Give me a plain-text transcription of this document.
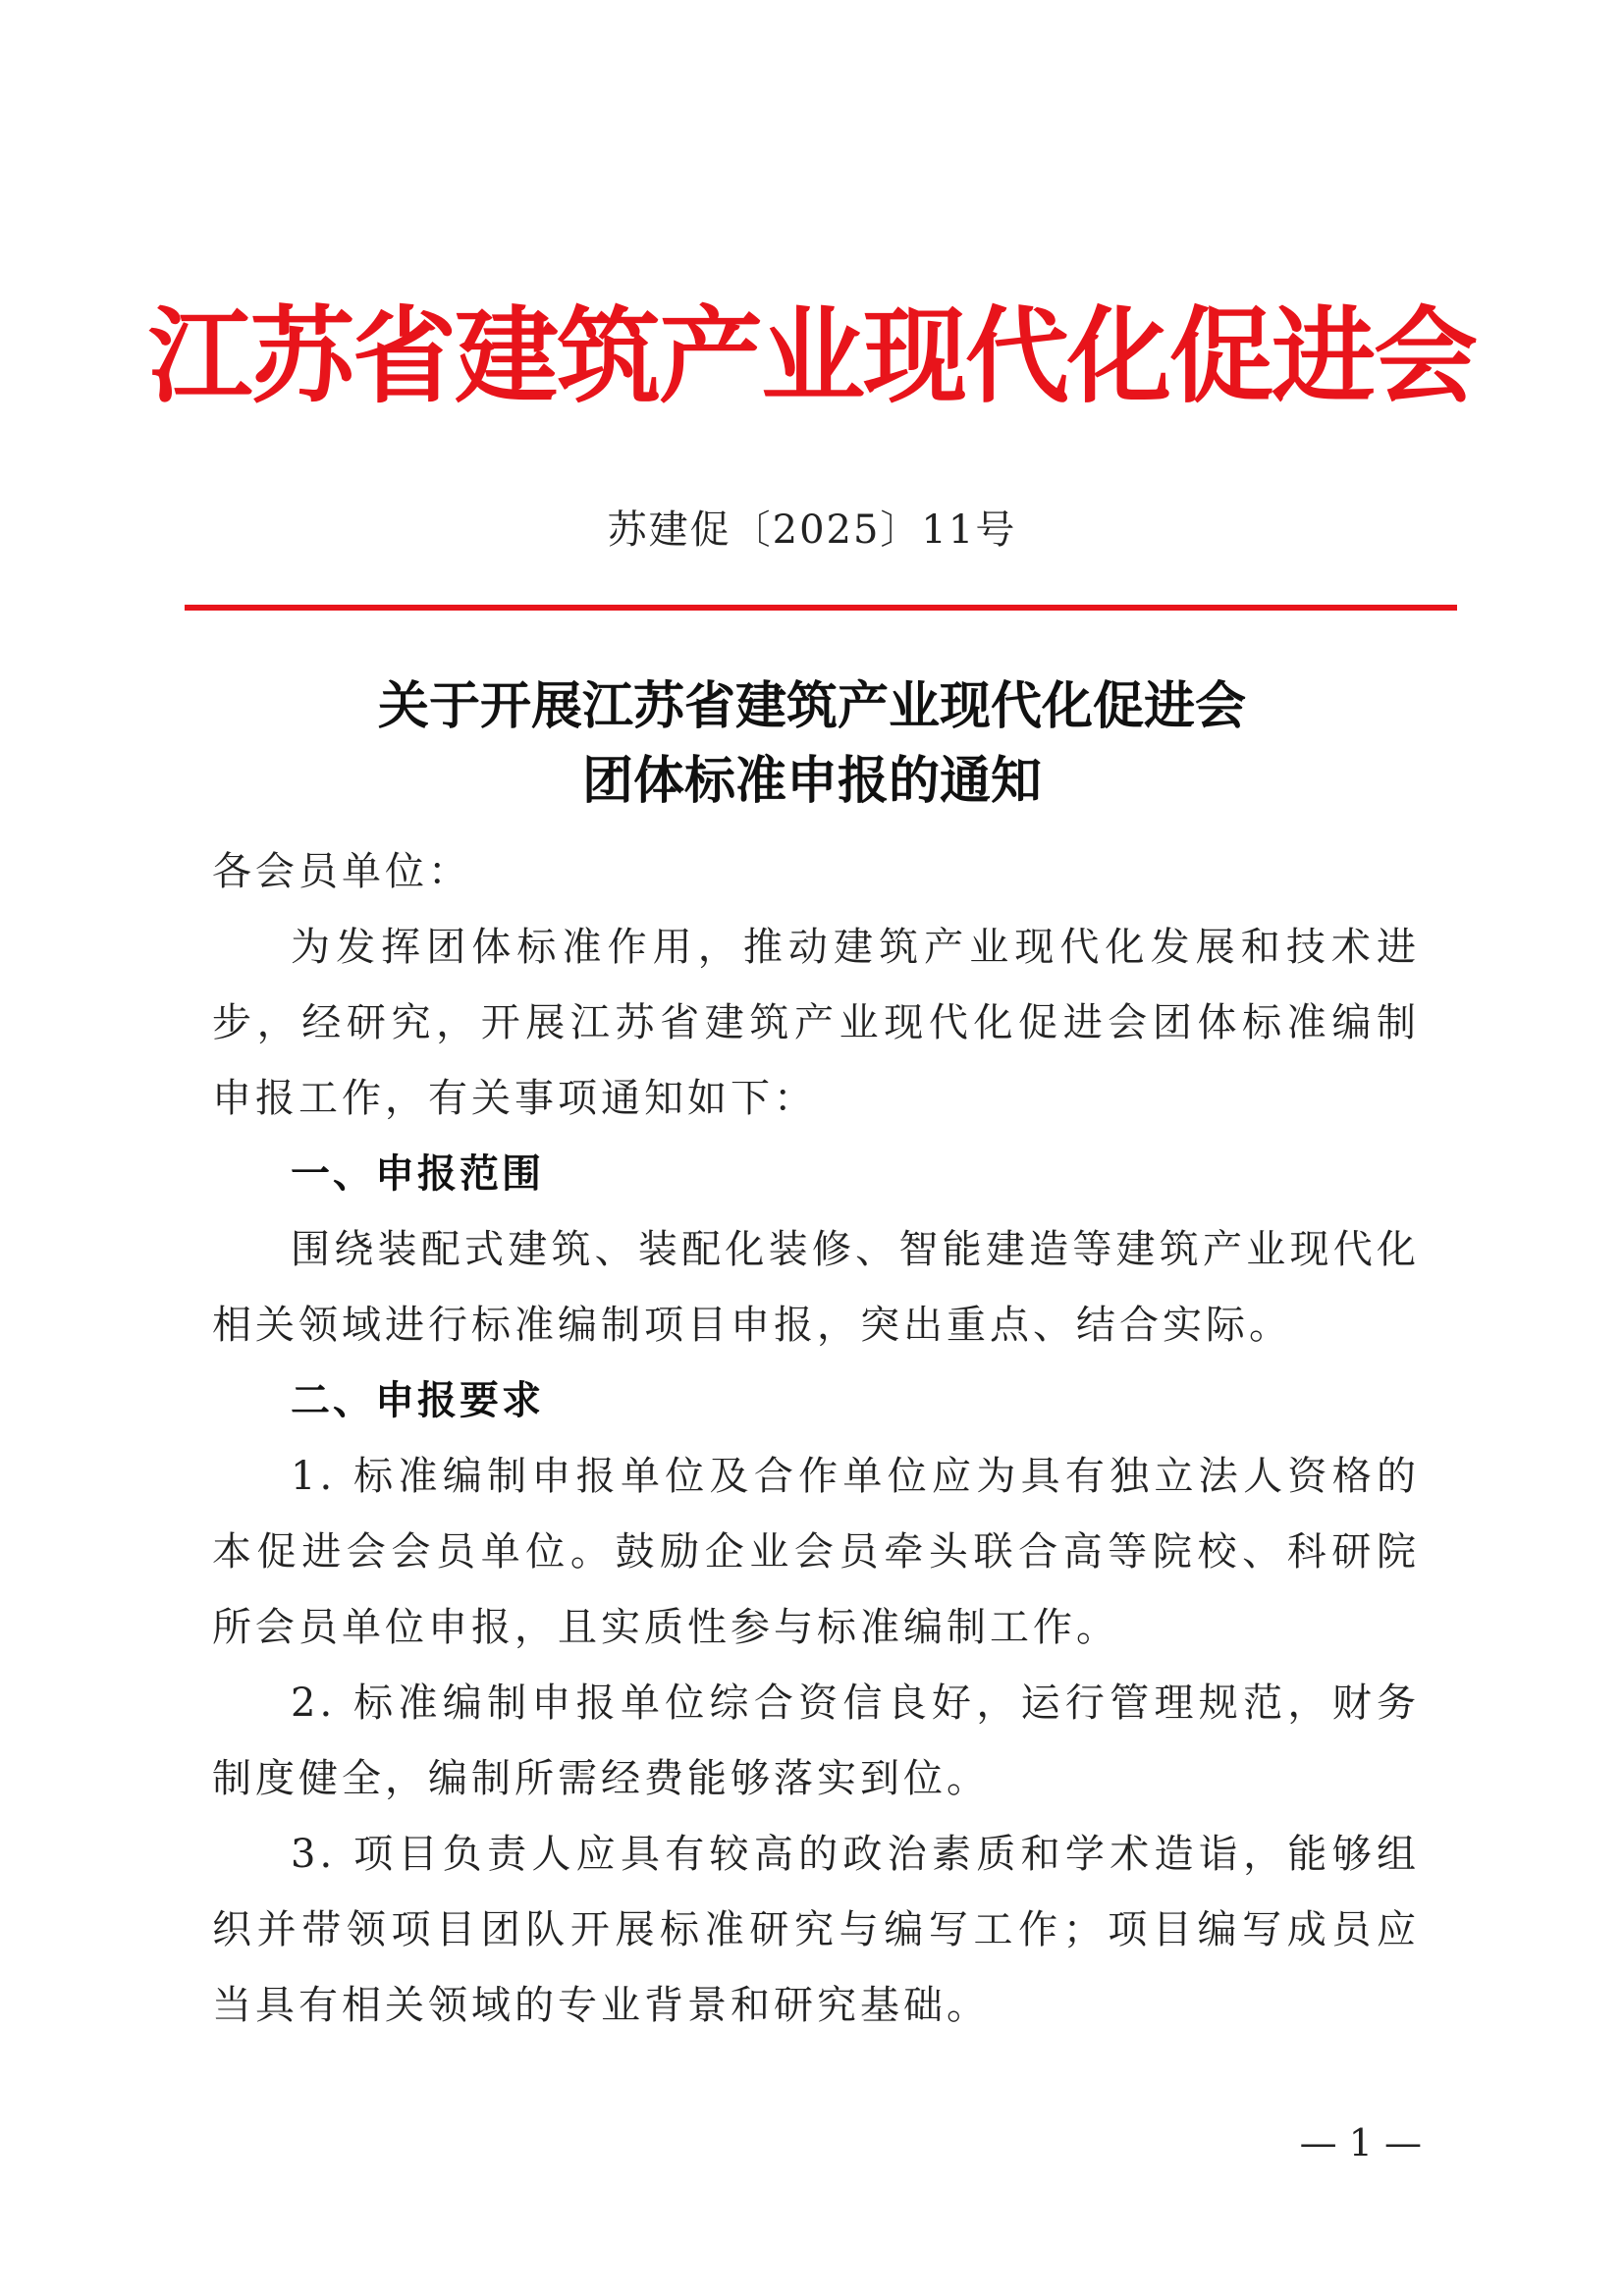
江苏省建筑产业现代化促进会
苏建促〔2025〕11号
关于开展江苏省建筑产业现代化促进会
团体标准申报的通知

各会员单位：

为发挥团体标准作用，推动建筑产业现代化发展和技术进步，经研究，开展江苏省建筑产业现代化促进会团体标准编制申报工作，有关事项通知如下：

一、申报范围

围绕装配式建筑、装配化装修、智能建造等建筑产业现代化相关领域进行标准编制项目申报，突出重点、结合实际。

二、申报要求

1. 标准编制申报单位及合作单位应为具有独立法人资格的本促进会会员单位。鼓励企业会员牵头联合高等院校、科研院所会员单位申报，且实质性参与标准编制工作。

2. 标准编制申报单位综合资信良好，运行管理规范，财务制度健全，编制所需经费能够落实到位。

3. 项目负责人应具有较高的政治素质和学术造诣，能够组织并带领项目团队开展标准研究与编写工作；项目编写成员应当具有相关领域的专业背景和研究基础。

— 1 —
